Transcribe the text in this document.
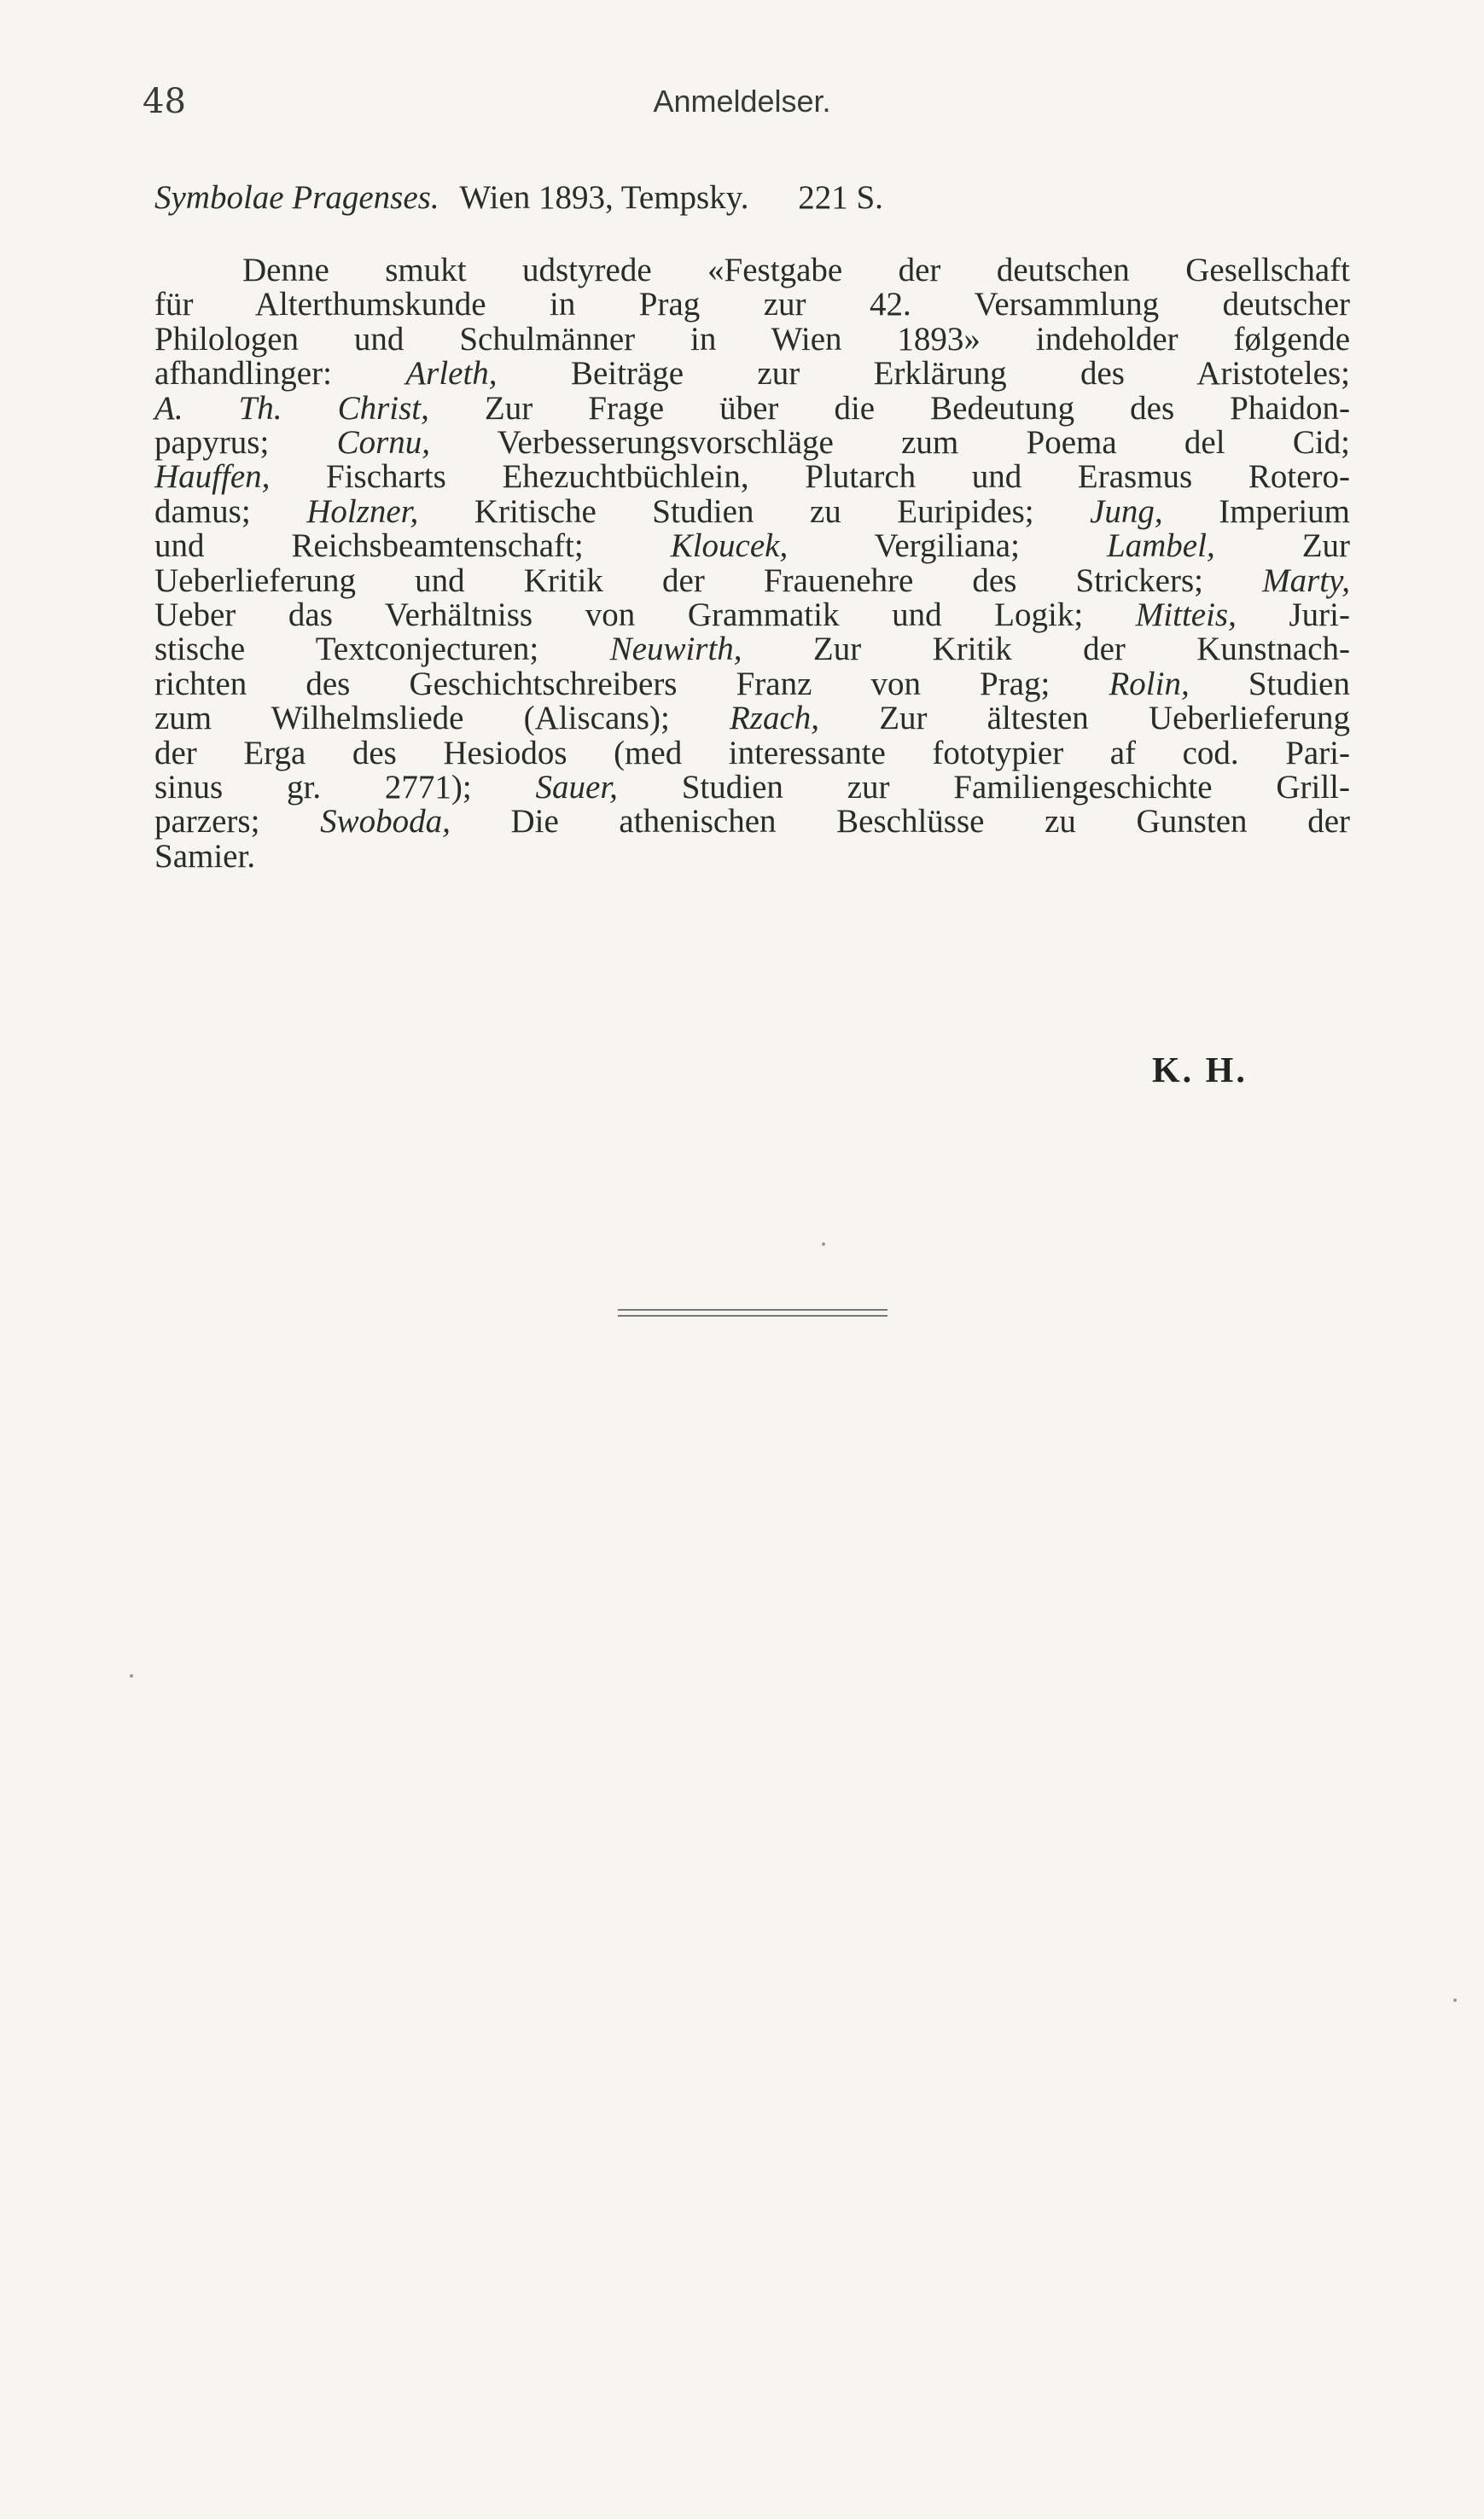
48	Anmeldelser.
Symbolae Pragenses. Wien 1893, Tempsky. 221 S.
Denne smukt udstyrede «Festgabe der deutschen Gesellschaft
für Alterthumskunde in Prag zur 42. Versammlung deutscher
Philologen und Schulmänner in Wien 1893» indeholder følgende
afhandlinger: Arleth, Beiträge zur Erklärung des Aristoteles;
A. Th. Christ, Zur Frage über die Bedeutung des Phaidon-
papyrus; Cornu, Verbesserungsvorschläge zum Poema del Cid;
Hauffen, Fischarts Ehezuchtbüchlein, Plutarch und Erasmus Rotero-
damus; Holzner, Kritische Studien zu Euripides; Jung, Imperium
und Reichsbeamtenschaft; Kloucek, Vergiliana; Lambel, Zur
Ueberlieferung und Kritik der Frauenehre des Strickers; Marty,
Ueber das Verhältniss von Grammatik und Logik; Mitteis, Juri-
stische Textconjecturen; Neuwirth, Zur Kritik der Kunstnach-
richten des Geschichtschreibers Franz von Prag; Rolin, Studien
zum Wilhelmsliede (Aliscans); Rzach, Zur ältesten Ueberlieferung
der Erga des Hesiodos (med interessante fototypier af cod. Pari-
sinus gr. 2771); Sauer, Studien zur Familiengeschichte Grill-
parzers; Swoboda, Die athenischen Beschlüsse zu Gunsten der
Samier.
K. H.
